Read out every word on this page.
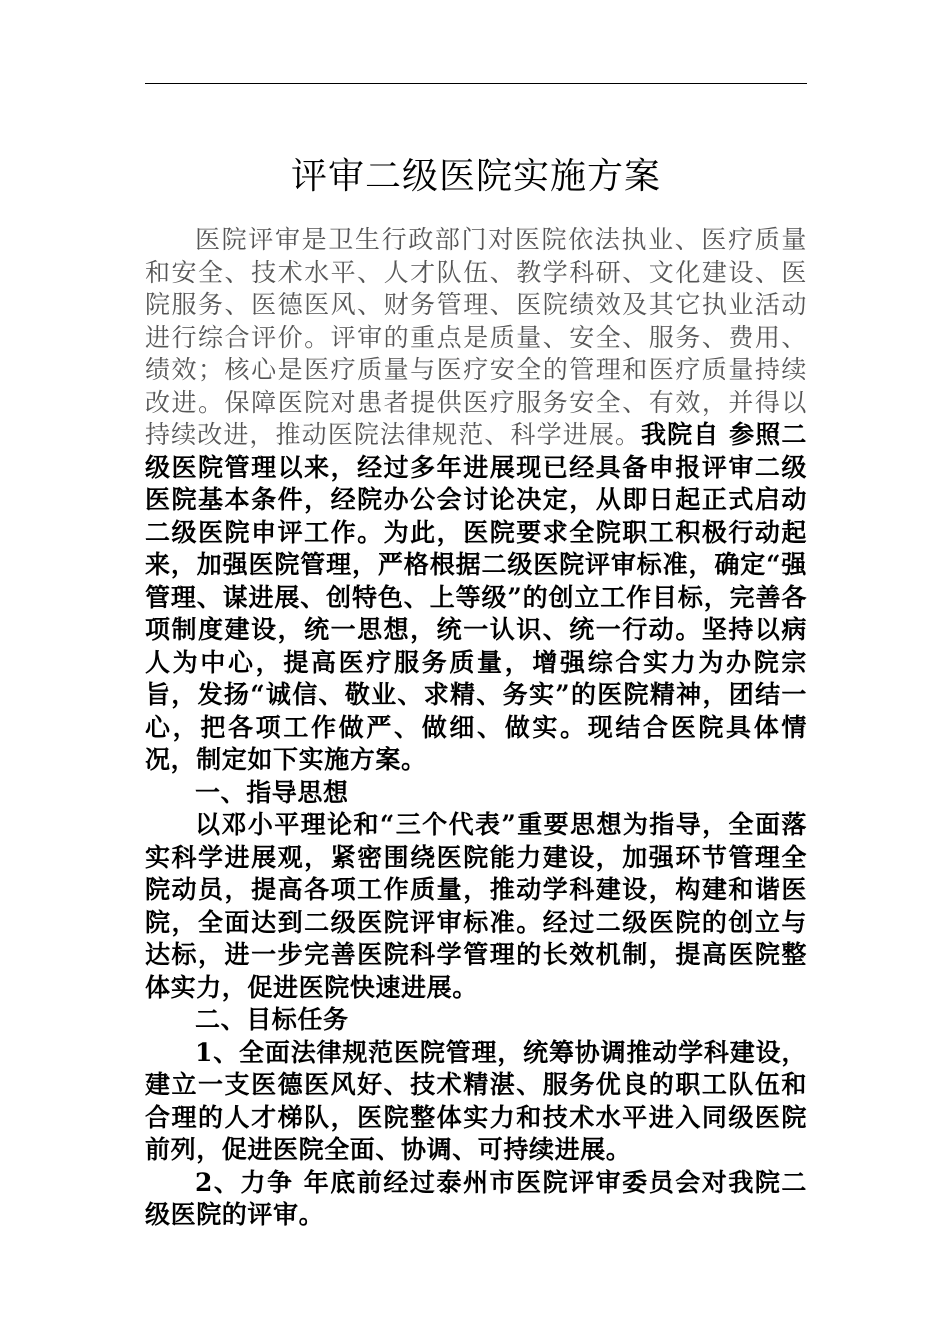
评审二级医院实施方案

医院评审是卫生行政部门对医院依法执业、医疗质量和安全、技术水平、人才队伍、教学科研、文化建设、医院服务、医德医风、财务管理、医院绩效及其它执业活动进行综合评价。评审的重点是质量、安全、服务、费用、绩效；核心是医疗质量与医疗安全的管理和医疗质量持续改进。保障医院对患者提供医疗服务安全、有效，并得以持续改进，推动医院法律规范、科学进展。我院自 参照二级医院管理以来，经过多年进展现已经具备申报评审二级医院基本条件，经院办公会讨论决定，从即日起正式启动二级医院申评工作。为此，医院要求全院职工积极行动起来，加强医院管理，严格根据二级医院评审标准，确定“强管理、谋进展、创特色、上等级”的创立工作目标，完善各项制度建设，统一思想，统一认识、统一行动。坚持以病人为中心，提高医疗服务质量，增强综合实力为办院宗旨，发扬“诚信、敬业、求精、务实”的医院精神，团结一心，把各项工作做严、做细、做实。现结合医院具体情况，制定如下实施方案。

一、指导思想

以邓小平理论和“三个代表”重要思想为指导，全面落实科学进展观，紧密围绕医院能力建设，加强环节管理全院动员，提高各项工作质量，推动学科建设，构建和谐医院，全面达到二级医院评审标准。经过二级医院的创立与达标，进一步完善医院科学管理的长效机制，提高医院整体实力，促进医院快速进展。

二、目标任务

1、全面法律规范医院管理，统筹协调推动学科建设，建立一支医德医风好、技术精湛、服务优良的职工队伍和合理的人才梯队，医院整体实力和技术水平进入同级医院前列，促进医院全面、协调、可持续进展。

2、力争 年底前经过泰州市医院评审委员会对我院二级医院的评审。
